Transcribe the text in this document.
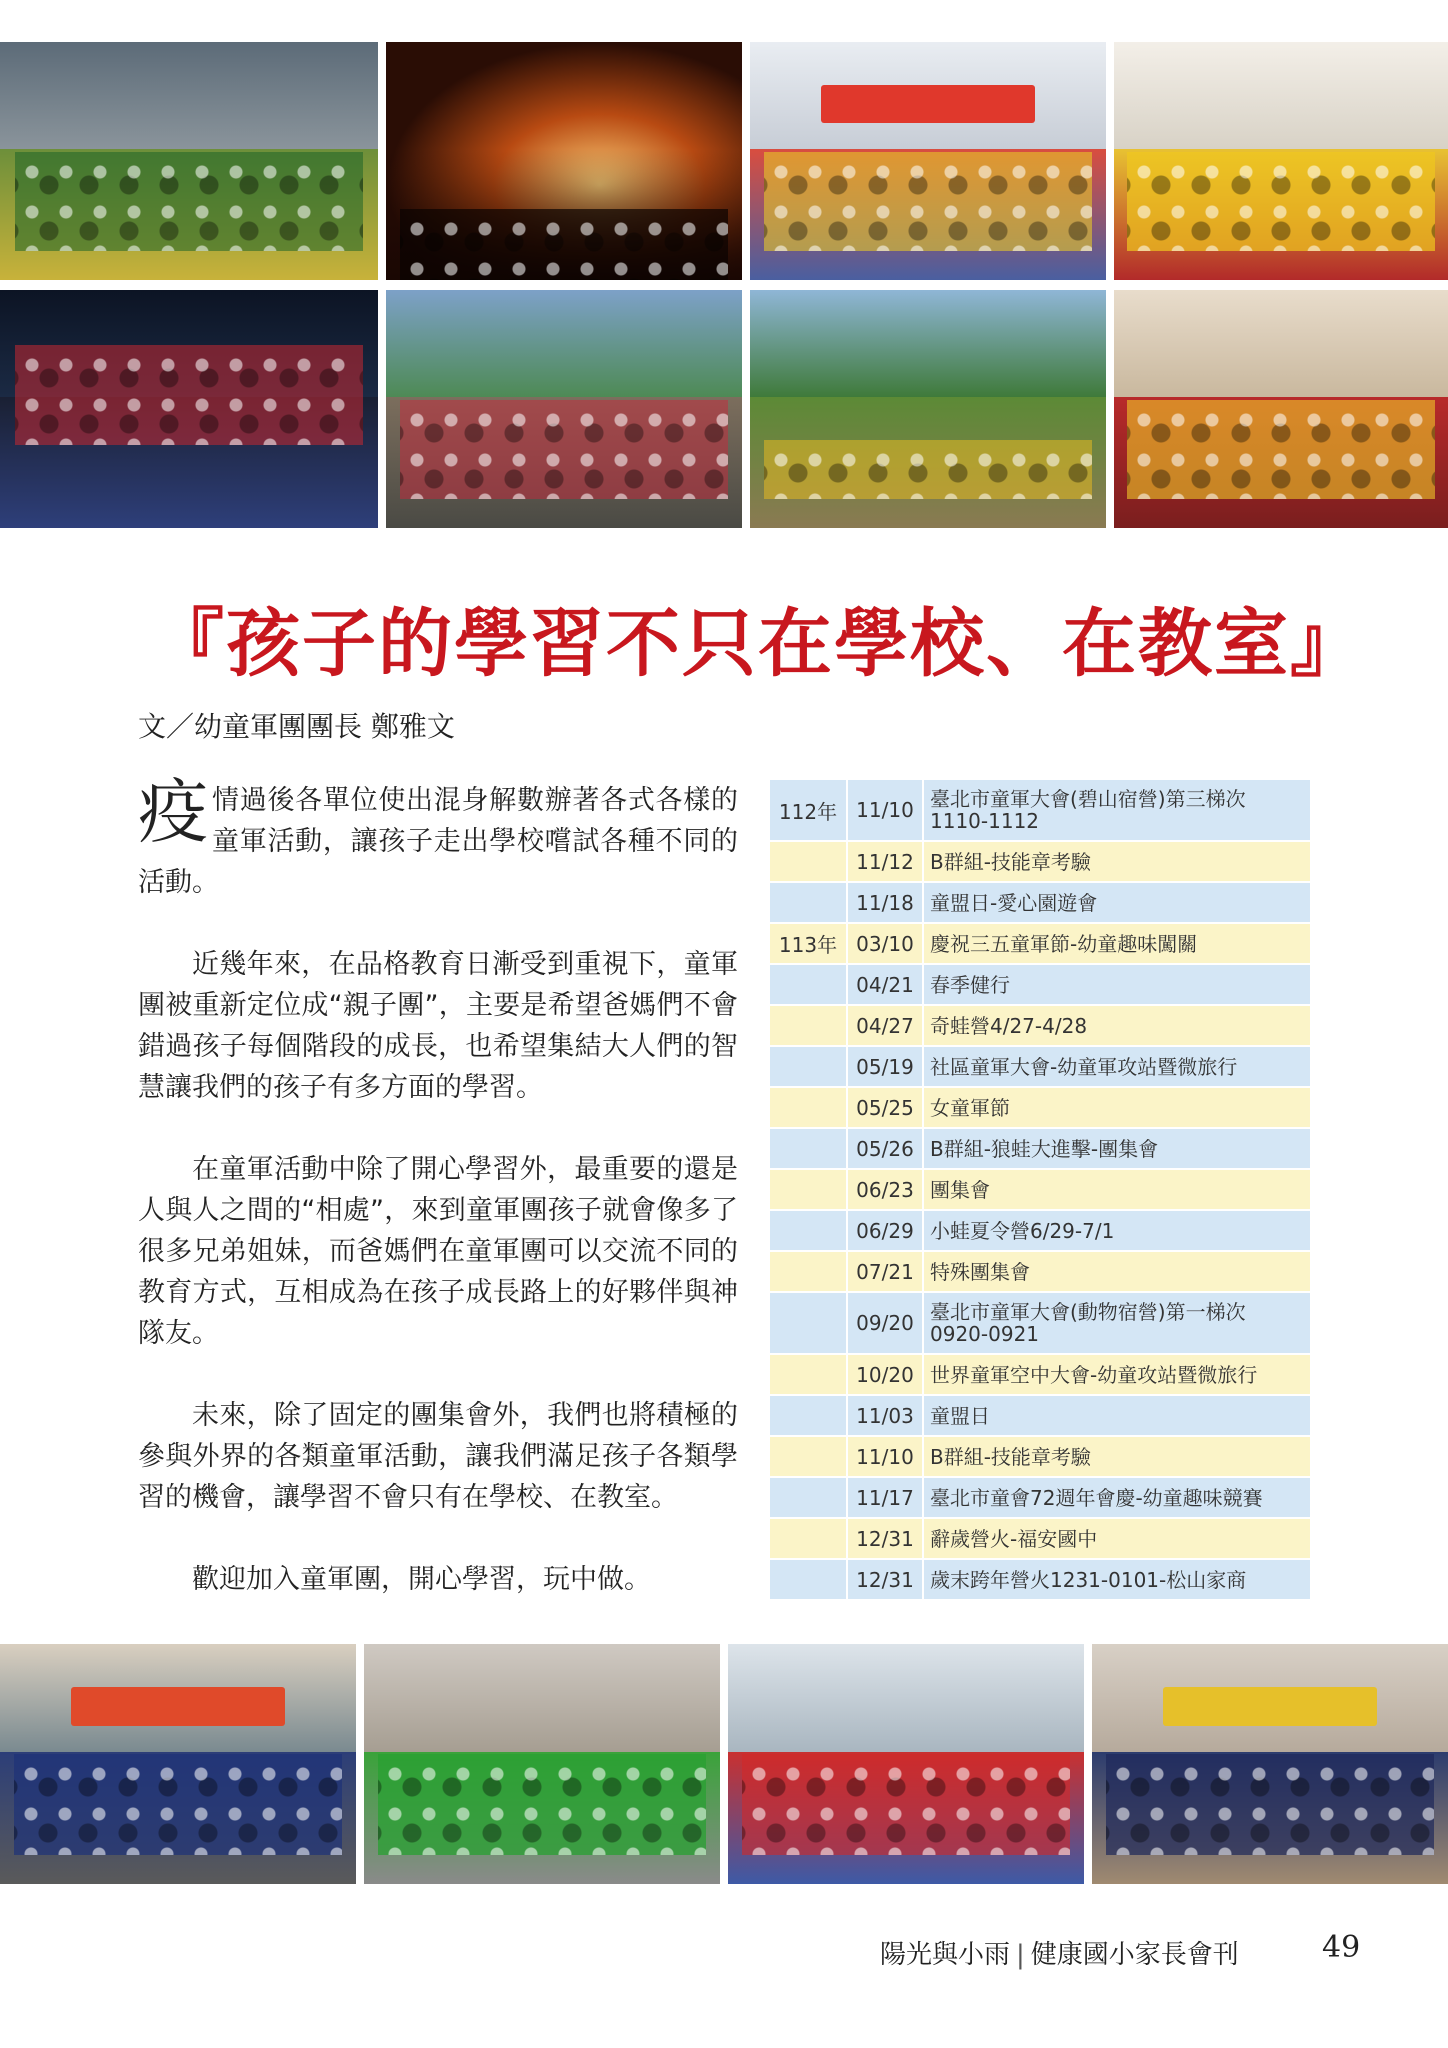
『孩子的學習不只在學校、在教室』
文／幼童軍團團長 鄭雅文

疫情過後各單位使出混身解數辦著各式各樣的童軍活動，讓孩子走出學校嚐試各種不同的活動。

近幾年來，在品格教育日漸受到重視下，童軍團被重新定位成“親子團”，主要是希望爸媽們不會錯過孩子每個階段的成長，也希望集結大人們的智慧讓我們的孩子有多方面的學習。

在童軍活動中除了開心學習外，最重要的還是人與人之間的“相處”，來到童軍團孩子就會像多了很多兄弟姐妹，而爸媽們在童軍團可以交流不同的教育方式，互相成為在孩子成長路上的好夥伴與神隊友。

未來，除了固定的團集會外，我們也將積極的參與外界的各類童軍活動，讓我們滿足孩子各類學習的機會，讓學習不會只有在學校、在教室。

歡迎加入童軍團，開心學習，玩中做。

112年	11/10	臺北市童軍大會(碧山宿營)第三梯次
1110-1112

	11/12	B群組-技能章考驗

	11/18	童盟日-愛心園遊會

113年	03/10	慶祝三五童軍節-幼童趣味闖關

	04/21	春季健行

	04/27	奇蛙營4/27-4/28

	05/19	社區童軍大會-幼童軍攻站暨微旅行

	05/25	女童軍節

	05/26	B群組-狼蛙大進擊-團集會

	06/23	團集會

	06/29	小蛙夏令營6/29-7/1

	07/21	特殊團集會

	09/20	臺北市童軍大會(動物宿營)第一梯次
0920-0921

	10/20	世界童軍空中大會-幼童攻站暨微旅行

	11/03	童盟日

	11/10	B群組-技能章考驗

	11/17	臺北市童會72週年會慶-幼童趣味競賽

	12/31	辭歲營火-福安國中

	12/31	歲末跨年營火1231-0101-松山家商
陽光與小雨 | 健康國小家長會刊	49
